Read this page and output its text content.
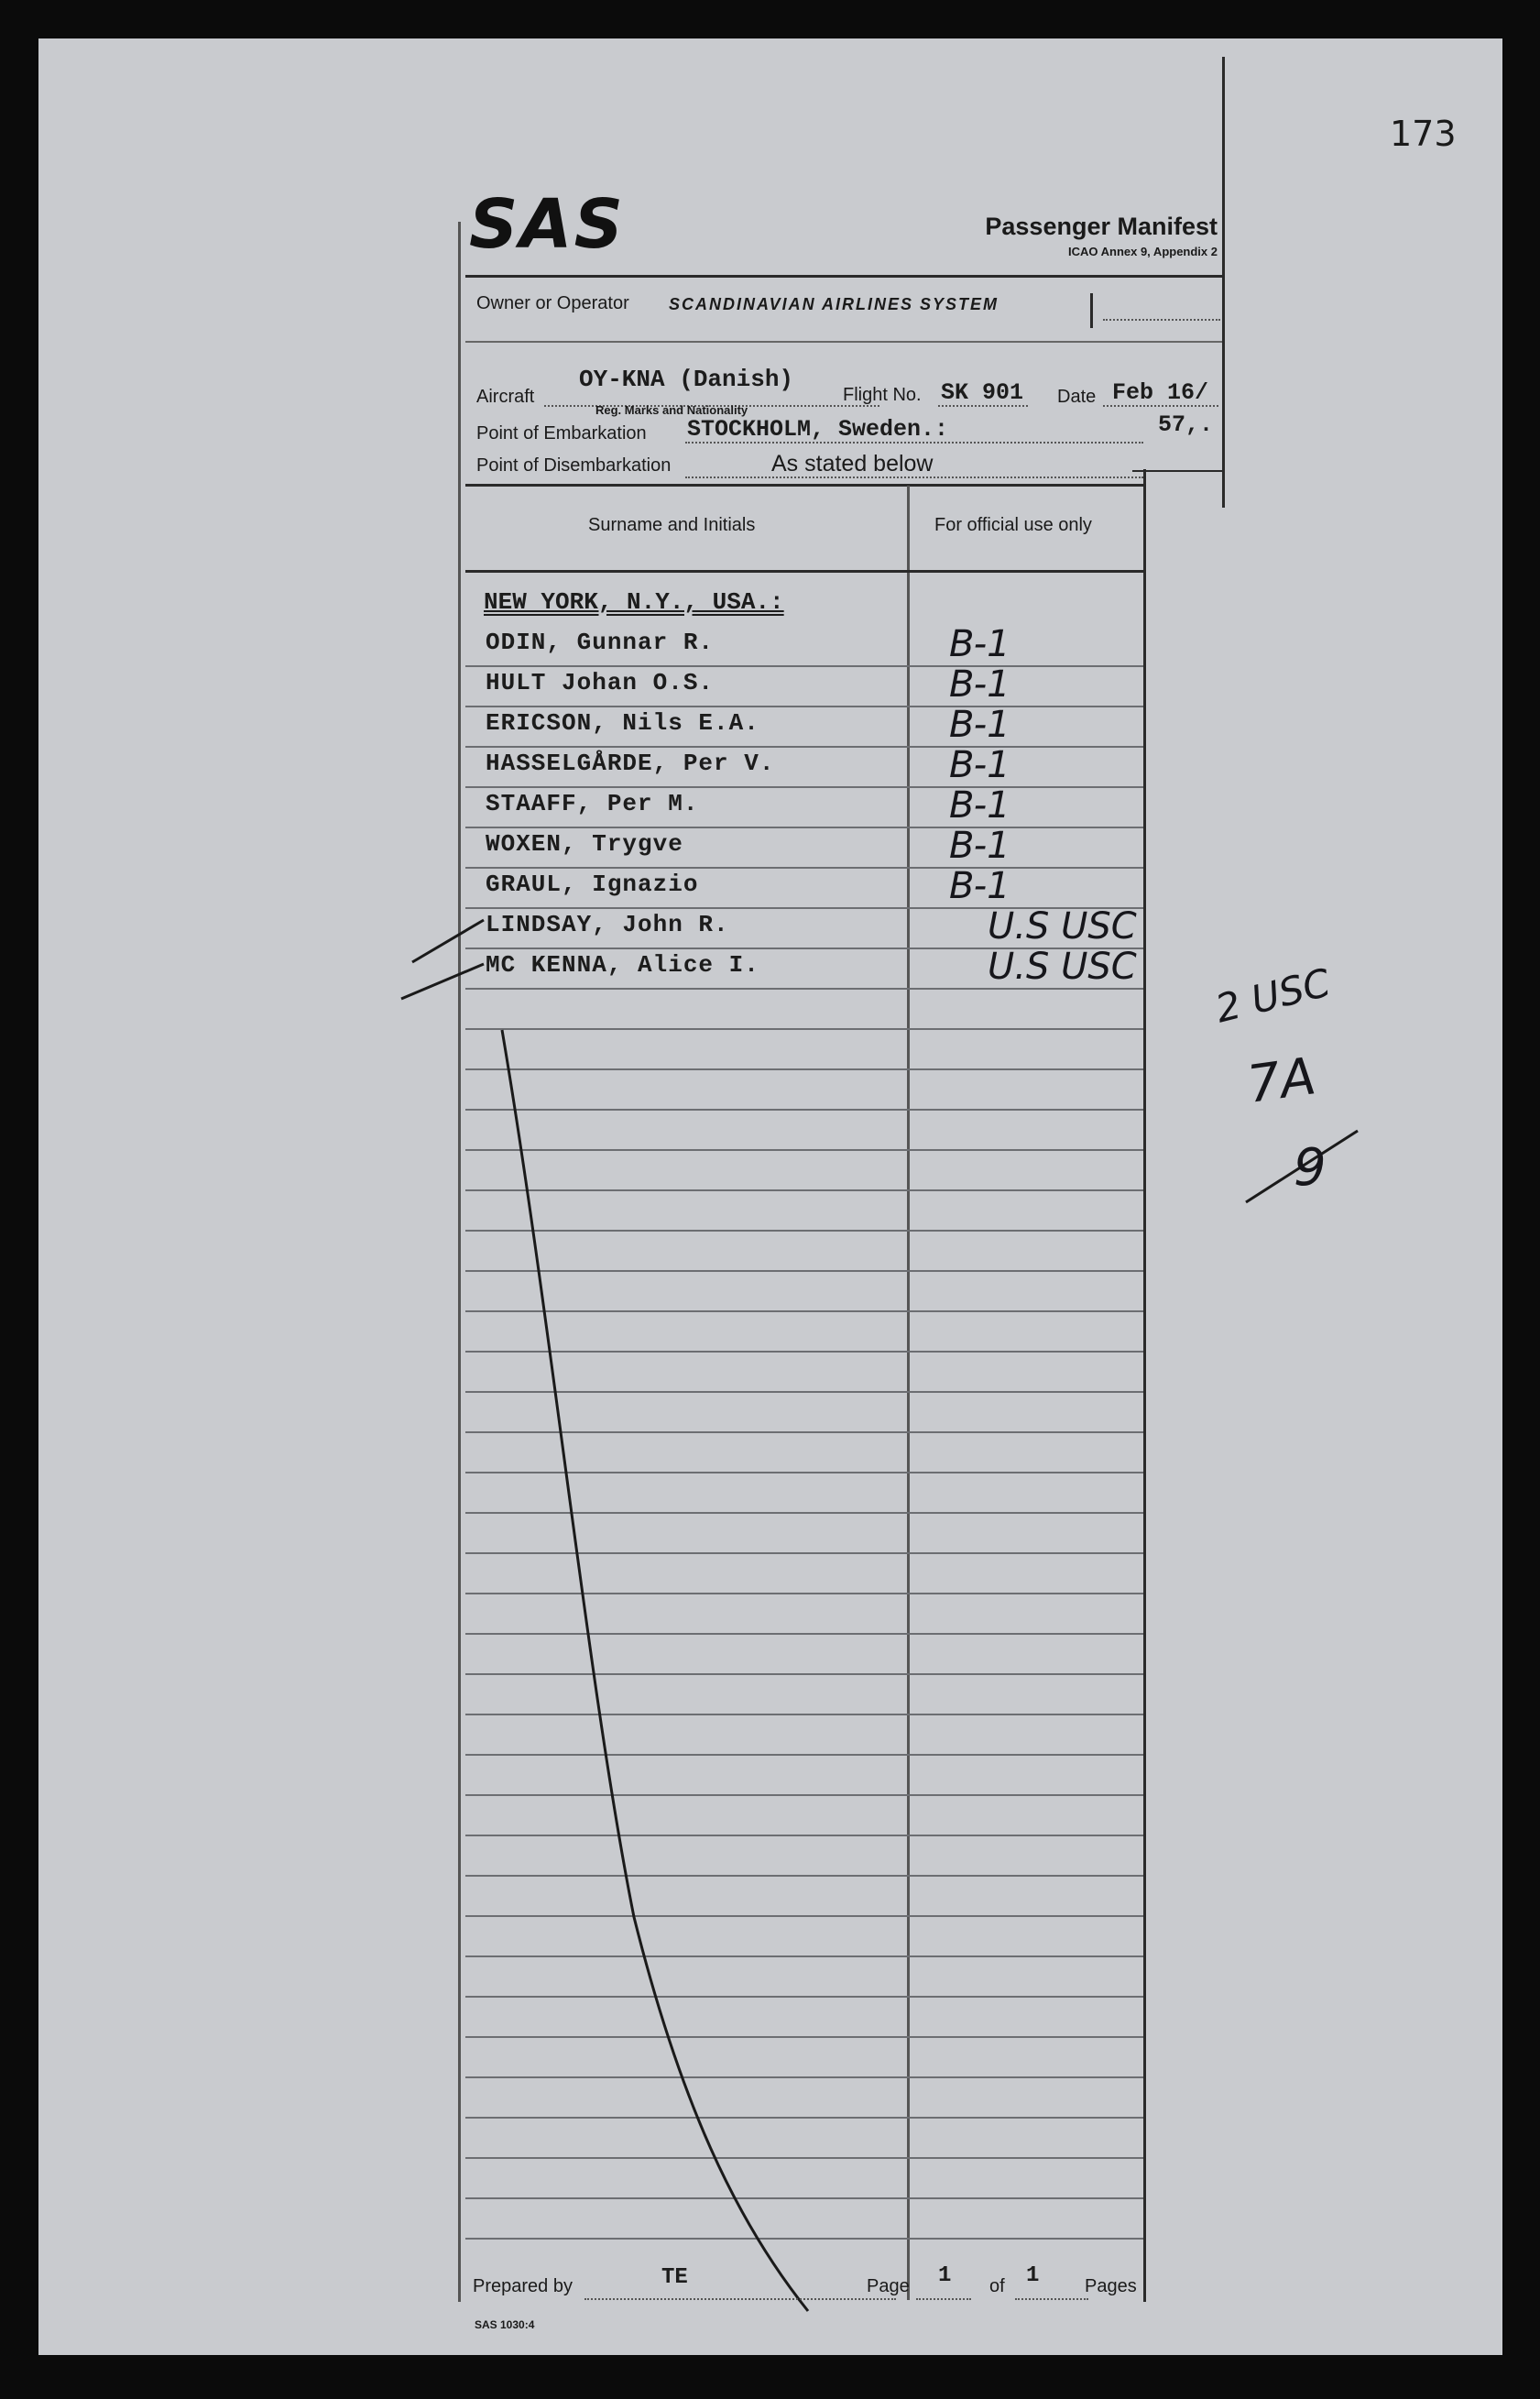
173
SAS	Passenger Manifest
ICAO Annex 9, Appendix 2
Owner or Operator SCANDINAVIAN AIRLINES SYSTEM
OY-KNA (Danish)
Aircraft
Reg. Marks and Nationality
Flight No. SK 901 Date Feb 16/
57,.
Point of Embarkation STOCKHOLM, Sweden.:
Point of Disembarkation	As stated below
Surname and Initials	For official use only
NEW YORK, N.Y., USA.:
ODIN, Gunnar R.	B-1
HULT Johan O.S.	B-1
ERICSON, Nils E.A.	B-1
HASSELGÅRDE, Per V.	B-1
STAAFF, Per M.	B-1
WOXEN, Trygve	B-1
GRAUL, Ignazio	B-1
LINDSAY, John R.	U.S USC
MC KENNA, Alice I.	U.S USC 2 USC
7A
9
Prepared by	TE	Page 1 of 1 Pages
SAS 1030:4
